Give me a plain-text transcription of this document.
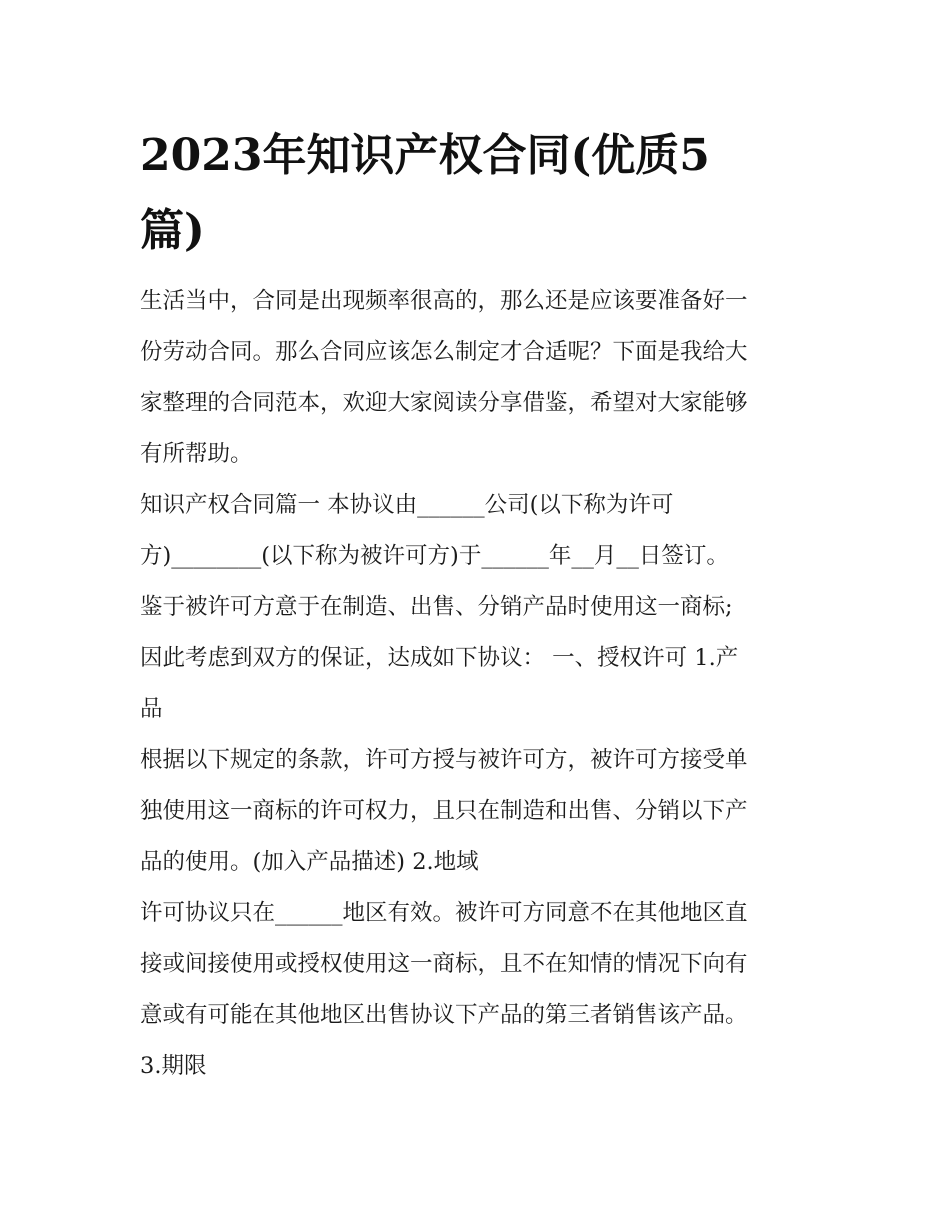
2023年知识产权合同(优质5
篇)
生活当中，合同是出现频率很高的，那么还是应该要准备好一
份劳动合同。那么合同应该怎么制定才合适呢？下面是我给大
家整理的合同范本，欢迎大家阅读分享借鉴，希望对大家能够
有所帮助。
知识产权合同篇一 本协议由______公司(以下称为许可
方)________(以下称为被许可方)于______年__月__日签订。
鉴于被许可方意于在制造、出售、分销产品时使用这一商标;
因此考虑到双方的保证，达成如下协议： 一、授权许可 1.产
品
根据以下规定的条款，许可方授与被许可方，被许可方接受单
独使用这一商标的许可权力，且只在制造和出售、分销以下产
品的使用。(加入产品描述) 2.地域
许可协议只在______地区有效。被许可方同意不在其他地区直
接或间接使用或授权使用这一商标，且不在知情的情况下向有
意或有可能在其他地区出售协议下产品的第三者销售该产品。
3.期限
